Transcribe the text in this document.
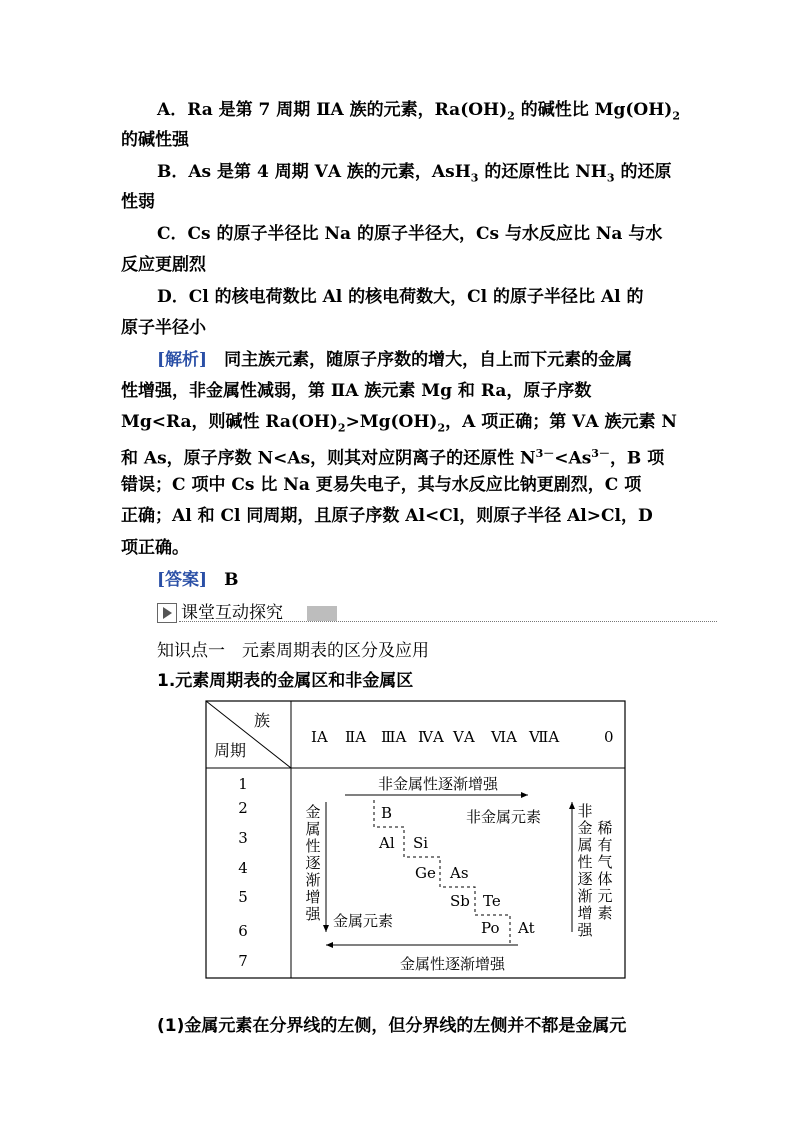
A．Ra 是第 7 周期 ⅡA 族的元素，$Ra(OH)_2$ 的碱性比 $Mg(OH)_2$
的碱性强
B．As 是第 4 周期 ⅤA 族的元素，AsH$_3$ 的还原性比 $NH_3$ 的还原
性弱
C．Cs 的原子半径比 Na 的原子半径大，Cs 与水反应比 Na 与水
反应更剧烈
D．Cl 的核电荷数比 Al 的核电荷数大，Cl 的原子半径比 Al 的
原子半径小
[解析]　同主族元素，随原子序数的增大，自上而下元素的金属
性增强，非金属性减弱，第 ⅡA 族元素 Mg 和 Ra，原子序数
Mg<Ra，则碱性 $Ra(OH)_2>Mg(OH)_2$，A 项正确；第 ⅤA 族元素 N
和 As，原子序数 N<As，则其对应阴离子的还原性 $N^{3-}<As^{3-}$，B 项
错误；C 项中 Cs 比 Na 更易失电子，其与水反应比钠更剧烈，C 项
正确；Al 和 Cl 同周期，且原子序数 Al<Cl，则原子半径 Al>Cl，D
项正确。
[答案]　 B
课堂互动探究
知识点一　元素周期表的区分及应用
1.元素周期表的金属区和非金属区
族
周期
ⅠA ⅡA ⅢA ⅣA ⅤA ⅥA ⅦA	0
1
2
3
4
5
6
7
非金属性逐渐增强
金属性逐渐增强
金
属
性
逐
渐
增
强
非
金
属
性
逐
渐
增
强
稀
有
气
体
元
素
非金属元素
金属元素
B
Al Si
Ge As
Sb Te
Po At
(1)金属元素在分界线的左侧，但分界线的左侧并不都是金属元
